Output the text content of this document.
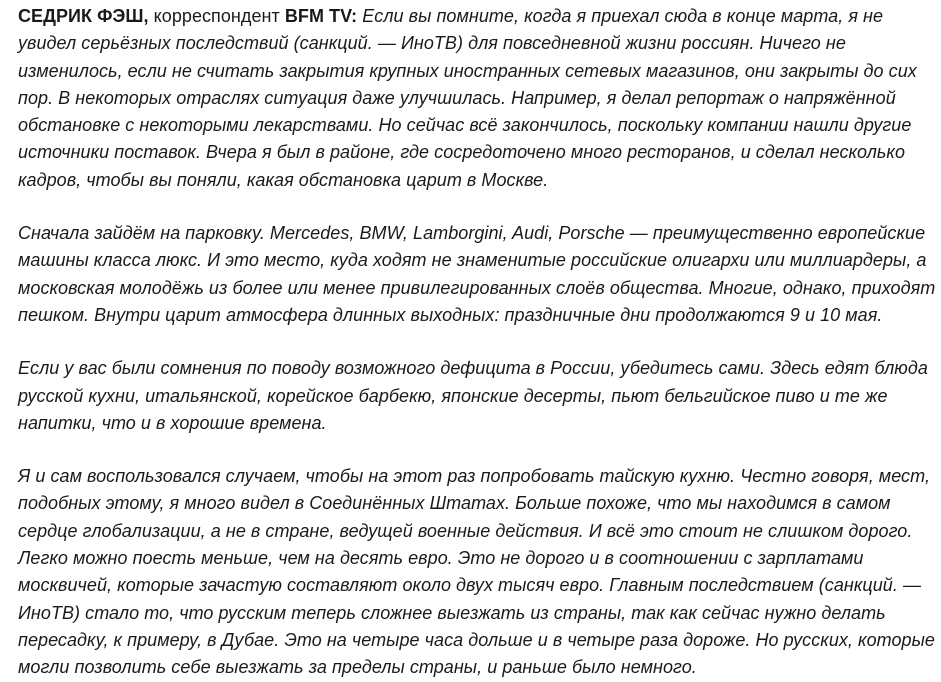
СЕДРИК ФЭШ, корреспондент BFM TV: Если вы помните, когда я приехал сюда в конце марта, я не
увидел серьёзных последствий (санкций. — ИноТВ) для повседневной жизни россиян. Ничего не
изменилось, если не считать закрытия крупных иностранных сетевых магазинов, они закрыты до сих
пор. В некоторых отраслях ситуация даже улучшилась. Например, я делал репортаж о напряжённой
обстановке с некоторыми лекарствами. Но сейчас всё закончилось, поскольку компании нашли другие
источники поставок. Вчера я был в районе, где сосредоточено много ресторанов, и сделал несколько
кадров, чтобы вы поняли, какая обстановка царит в Москве.

Сначала зайдём на парковку. Mercedes, BMW, Lamborgini, Audi, Porsche — преимущественно европейские
машины класса люкс. И это место, куда ходят не знаменитые российские олигархи или миллиардеры, а
московская молодёжь из более или менее привилегированных слоёв общества. Многие, однако, приходят
пешком. Внутри царит атмосфера длинных выходных: праздничные дни продолжаются 9 и 10 мая.

Если у вас были сомнения по поводу возможного дефицита в России, убедитесь сами. Здесь едят блюда
русской кухни, итальянской, корейское барбекю, японские десерты, пьют бельгийское пиво и те же
напитки, что и в хорошие времена.

Я и сам воспользовался случаем, чтобы на этот раз попробовать тайскую кухню. Честно говоря, мест,
подобных этому, я много видел в Соединённых Штатах. Больше похоже, что мы находимся в самом
сердце глобализации, а не в стране, ведущей военные действия. И всё это стоит не слишком дорого.
Легко можно поесть меньше, чем на десять евро. Это не дорого и в соотношении с зарплатами
москвичей, которые зачастую составляют около двух тысяч евро. Главным последствием (санкций. —
ИноТВ) стало то, что русским теперь сложнее выезжать из страны, так как сейчас нужно делать
пересадку, к примеру, в Дубае. Это на четыре часа дольше и в четыре раза дороже. Но русских, которые
могли позволить себе выезжать за пределы страны, и раньше было немного.
